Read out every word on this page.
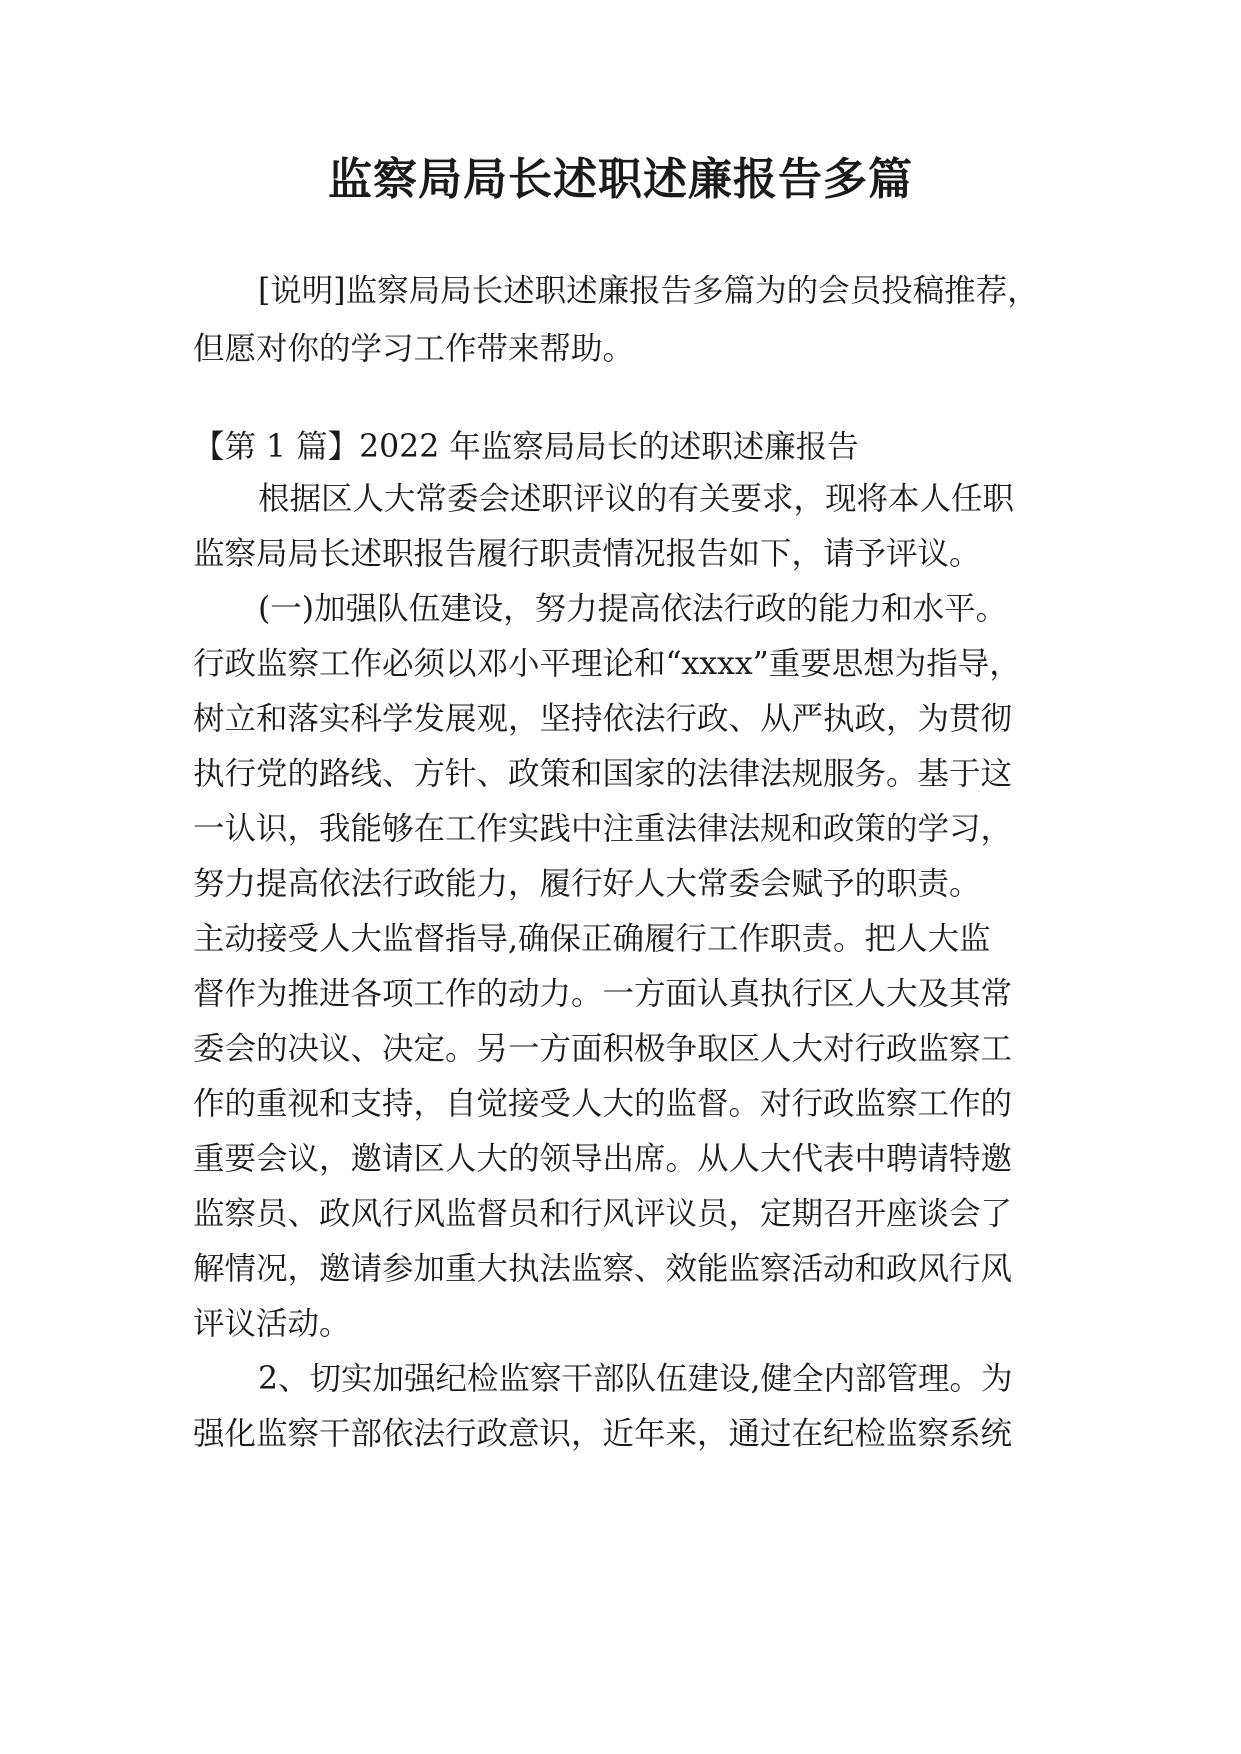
监察局局长述职述廉报告多篇
[说明]监察局局长述职述廉报告多篇为的会员投稿推荐，
但愿对你的学习工作带来帮助。
【第 1 篇】2022 年监察局局长的述职述廉报告
根据区人大常委会述职评议的有关要求，现将本人任职
监察局局长述职报告履行职责情况报告如下，请予评议。
(一)加强队伍建设，努力提高依法行政的能力和水平。
行政监察工作必须以邓小平理论和“xxxx”重要思想为指导，
树立和落实科学发展观，坚持依法行政、从严执政，为贯彻
执行党的路线、方针、政策和国家的法律法规服务。基于这
一认识，我能够在工作实践中注重法律法规和政策的学习，
努力提高依法行政能力，履行好人大常委会赋予的职责。
主动接受人大监督指导,确保正确履行工作职责。把人大监
督作为推进各项工作的动力。一方面认真执行区人大及其常
委会的决议、决定。另一方面积极争取区人大对行政监察工
作的重视和支持，自觉接受人大的监督。对行政监察工作的
重要会议，邀请区人大的领导出席。从人大代表中聘请特邀
监察员、政风行风监督员和行风评议员，定期召开座谈会了
解情况，邀请参加重大执法监察、效能监察活动和政风行风
评议活动。
2、切实加强纪检监察干部队伍建设,健全内部管理。为
强化监察干部依法行政意识，近年来，通过在纪检监察系统
